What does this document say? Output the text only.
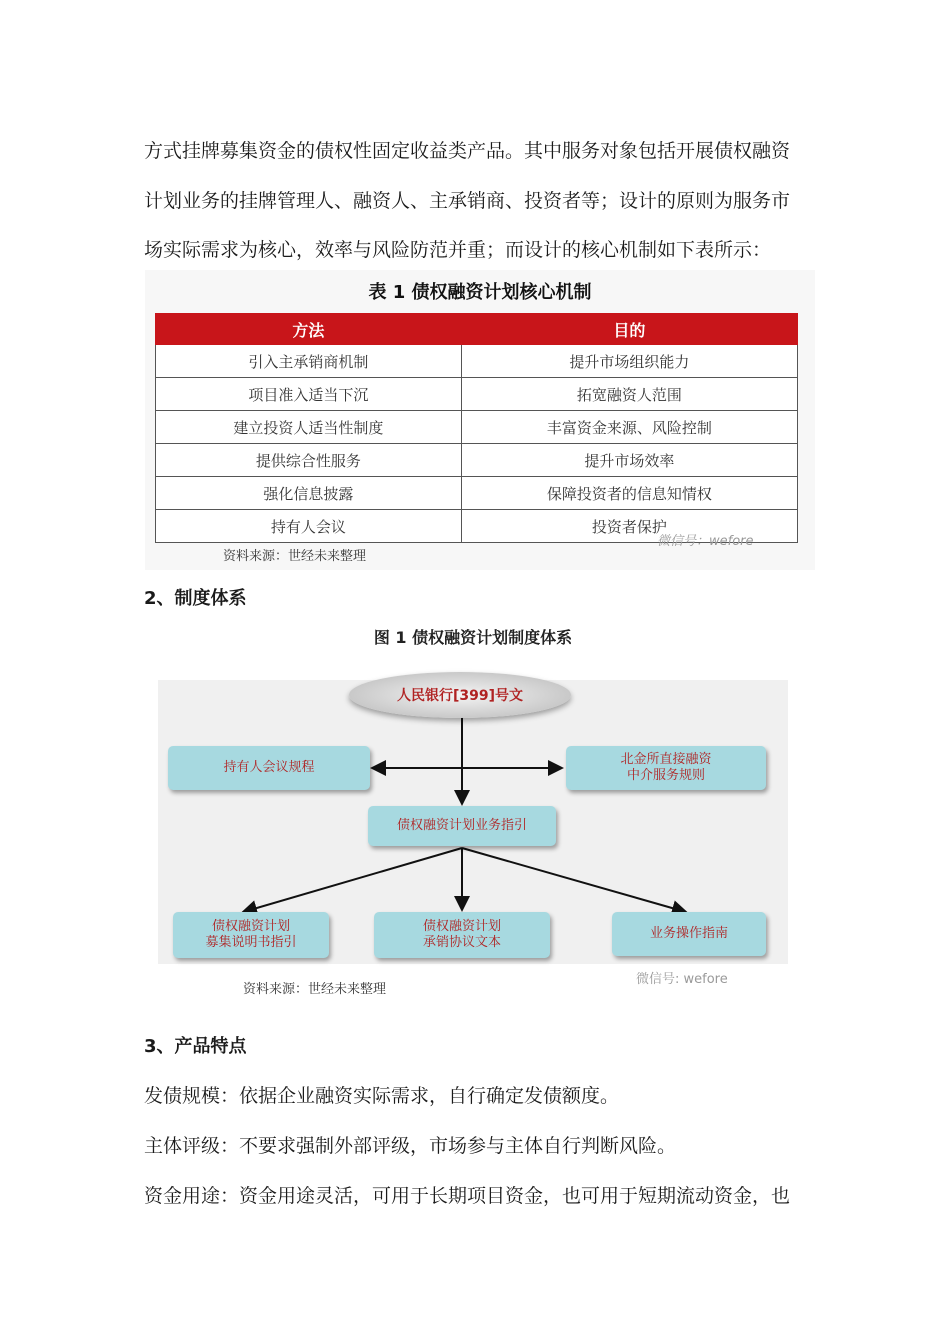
方式挂牌募集资金的债权性固定收益类产品。其中服务对象包括开展债权融资
计划业务的挂牌管理人、融资人、主承销商、投资者等；设计的原则为服务市
场实际需求为核心，效率与风险防范并重；而设计的核心机制如下表所示：
表 1 债权融资计划核心机制
方法	目的
引入主承销商机制	提升市场组织能力
项目准入适当下沉	拓宽融资人范围
建立投资人适当性制度	丰富资金来源、风险控制
提供综合性服务	提升市场效率
强化信息披露	保障投资者的信息知情权
持有人会议	投资者保护
资料来源：世经未来整理
微信号：wefore
2、制度体系
图 1 债权融资计划制度体系
人民银行[399]号文
持有人会议规程
北金所直接融资
中介服务规则
债权融资计划业务指引
债权融资计划
募集说明书指引
债权融资计划
承销协议文本
业务操作指南
微信号: wefore
资料来源：世经未来整理
3、产品特点
发债规模：依据企业融资实际需求，自行确定发债额度。
主体评级：不要求强制外部评级，市场参与主体自行判断风险。
资金用途：资金用途灵活，可用于长期项目资金，也可用于短期流动资金，也
